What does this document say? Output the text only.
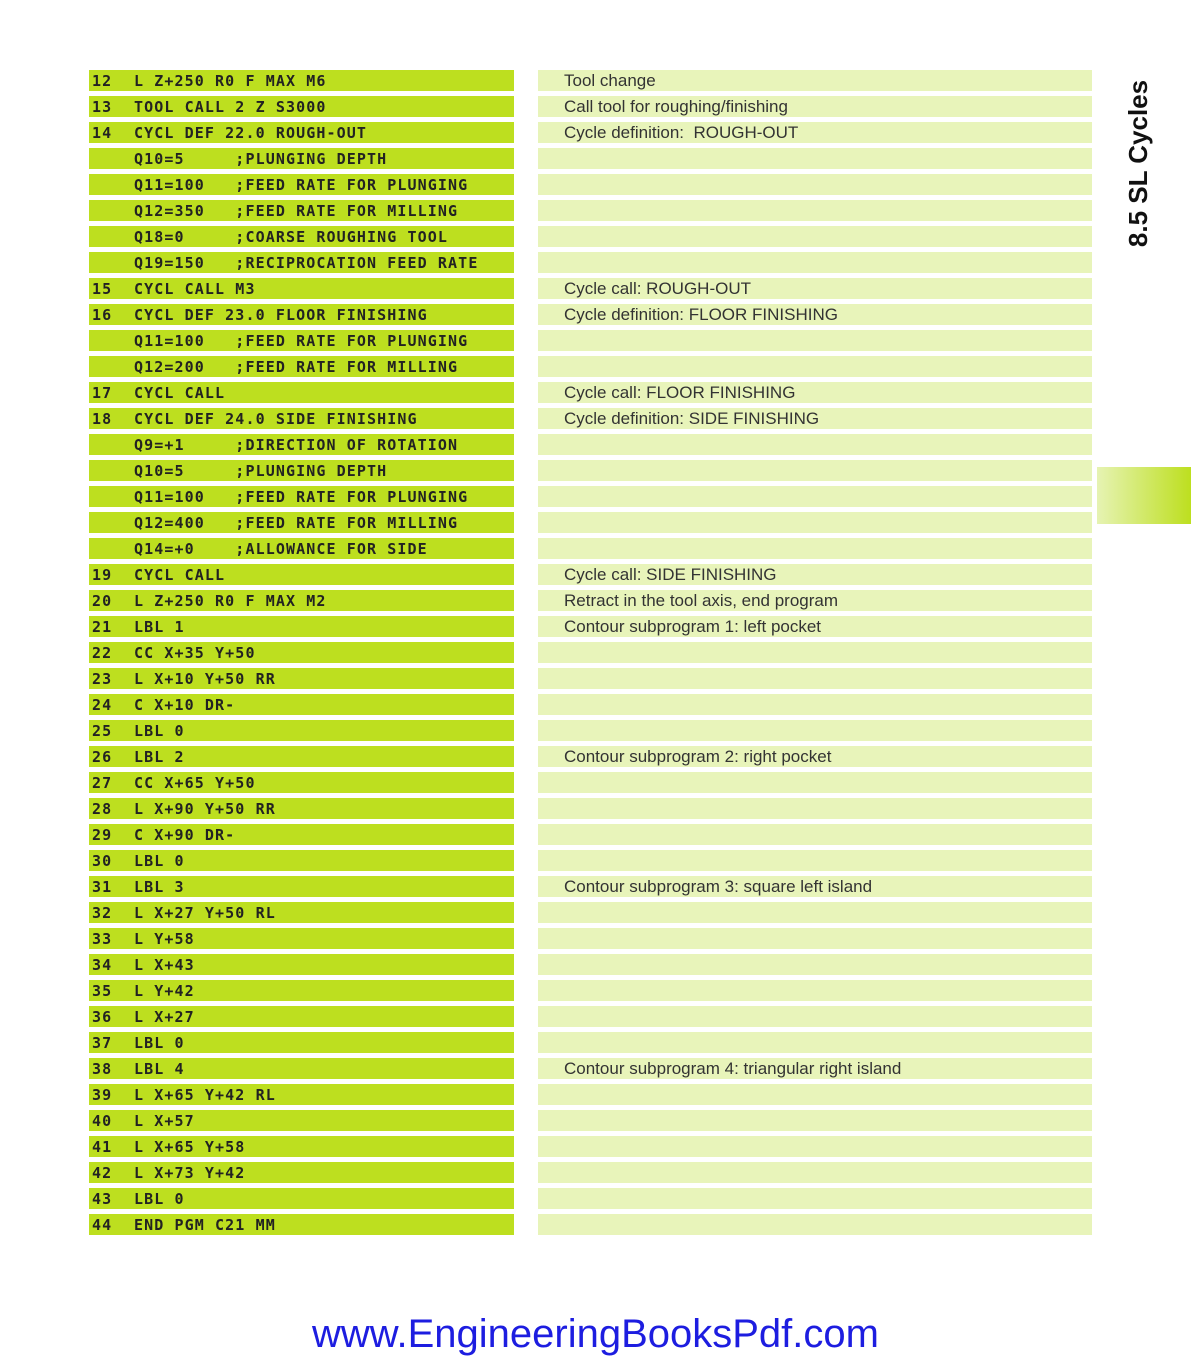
12	L Z+250 R0 F MAX M6	Tool change
13	TOOL CALL 2 Z S3000	Call tool for roughing/finishing
14	CYCL DEF 22.0 ROUGH-OUT	Cycle definition:  ROUGH-OUT
Q10=5     ;PLUNGING DEPTH
Q11=100   ;FEED RATE FOR PLUNGING
Q12=350   ;FEED RATE FOR MILLING
Q18=0     ;COARSE ROUGHING TOOL
Q19=150   ;RECIPROCATION FEED RATE
15	CYCL CALL M3	Cycle call: ROUGH-OUT
16	CYCL DEF 23.0 FLOOR FINISHING	Cycle definition: FLOOR FINISHING
Q11=100   ;FEED RATE FOR PLUNGING
Q12=200   ;FEED RATE FOR MILLING
17	CYCL CALL	Cycle call: FLOOR FINISHING
18	CYCL DEF 24.0 SIDE FINISHING	Cycle definition: SIDE FINISHING
Q9=+1     ;DIRECTION OF ROTATION
Q10=5     ;PLUNGING DEPTH
Q11=100   ;FEED RATE FOR PLUNGING
Q12=400   ;FEED RATE FOR MILLING
Q14=+0    ;ALLOWANCE FOR SIDE
19	CYCL CALL	Cycle call: SIDE FINISHING
20	L Z+250 R0 F MAX M2	Retract in the tool axis, end program
21	LBL 1	Contour subprogram 1: left pocket
22	CC X+35 Y+50
23	L X+10 Y+50 RR
24	C X+10 DR-
25	LBL 0
26	LBL 2	Contour subprogram 2: right pocket
27	CC X+65 Y+50
28	L X+90 Y+50 RR
29	C X+90 DR-
30	LBL 0
31	LBL 3	Contour subprogram 3: square left island
32	L X+27 Y+50 RL
33	L Y+58
34	L X+43
35	L Y+42
36	L X+27
37	LBL 0
38	LBL 4	Contour subprogram 4: triangular right island
39	L X+65 Y+42 RL
40	L X+57
41	L X+65 Y+58
42	L X+73 Y+42
43	LBL 0
44	END PGM C21 MM
8.5 SL Cycles
www.EngineeringBooksPdf.com
